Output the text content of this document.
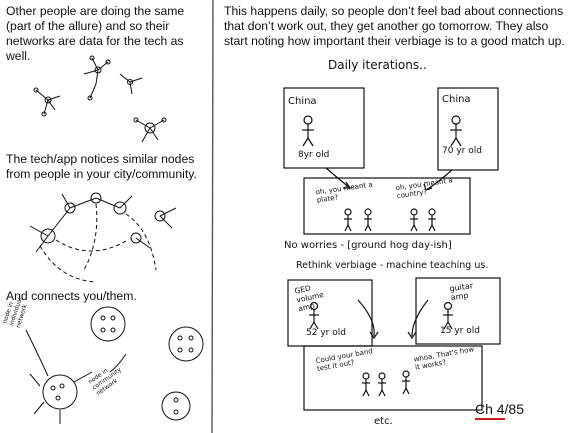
Other people are doing the same (part of the allure) and so their networks are data for the tech as well.

The tech/app notices similar nodes from people in your city/community.

And connects you/them.

node in individual network

node in community network

This happens daily, so people don’t feel bad about connections that don’t work out, they get another go tomorrow. They also start noting how important their verbiage is to a good match up.

Daily iterations..

China

8yr old

China

70 yr old

oh, you meant a plate?

oh, you meant a country?

No worries - [ground hog day-ish]

Rethink verbiage - machine teaching us.

GED volume amp

52 yr old

guitar amp

15 yr old

Could your band test it out?

whoa, That's how it works?

etc.

Ch 4/85
